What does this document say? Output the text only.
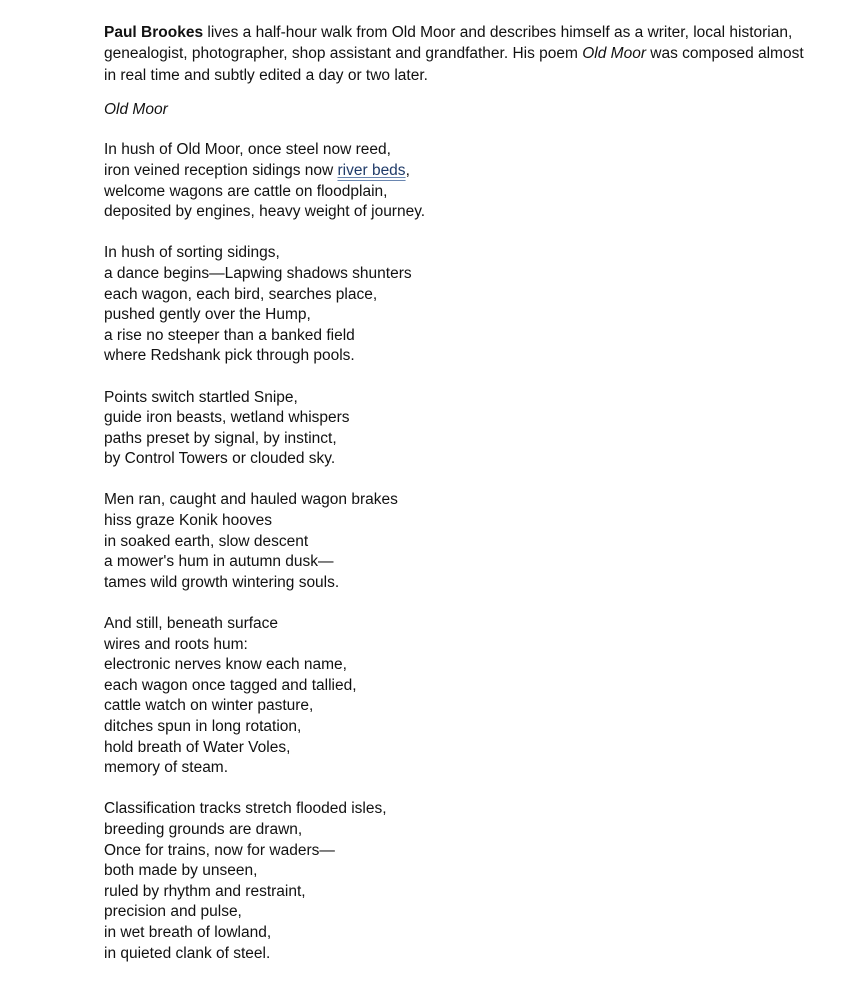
Paul Brookes lives a half-hour walk from Old Moor and describes himself as a writer, local historian, genealogist, photographer, shop assistant and grandfather. His poem Old Moor was composed almost in real time and subtly edited a day or two later.

Old Moor
In hush of Old Moor, once steel now reed,
iron veined reception sidings now river beds,
welcome wagons are cattle on floodplain,
deposited by engines, heavy weight of journey.
In hush of sorting sidings,
a dance begins—Lapwing shadows shunters
each wagon, each bird, searches place,
pushed gently over the Hump,
a rise no steeper than a banked field
where Redshank pick through pools.
Points switch startled Snipe,
guide iron beasts, wetland whispers
paths preset by signal, by instinct,
by Control Towers or clouded sky.
Men ran, caught and hauled wagon brakes
hiss graze Konik hooves
in soaked earth, slow descent
a mower's hum in autumn dusk—
tames wild growth wintering souls.
And still, beneath surface
wires and roots hum:
electronic nerves know each name,
each wagon once tagged and tallied,
cattle watch on winter pasture,
ditches spun in long rotation,
hold breath of Water Voles,
memory of steam.
Classification tracks stretch flooded isles,
breeding grounds are drawn,
Once for trains, now for waders—
both made by unseen,
ruled by rhythm and restraint,
precision and pulse,
in wet breath of lowland,
in quieted clank of steel.
